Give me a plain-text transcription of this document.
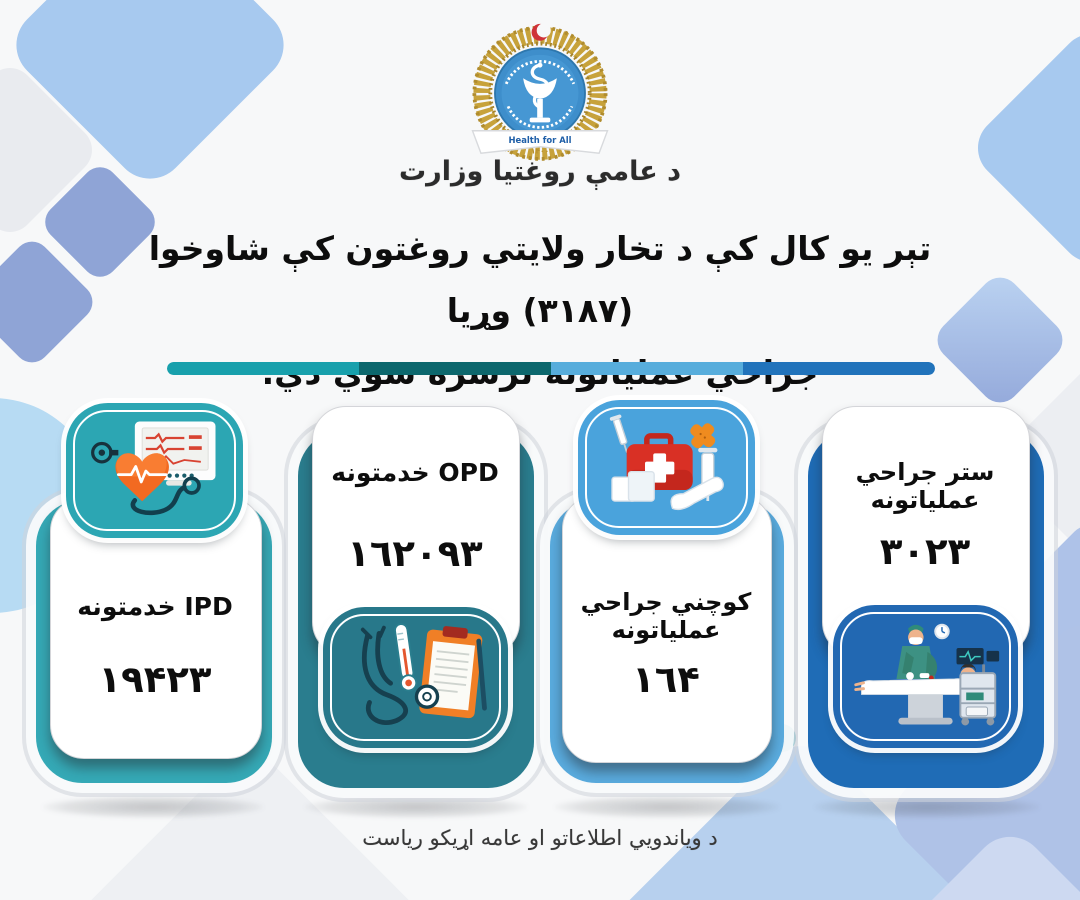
Health for All
۱۴۰۰
د عامې روغتیا وزارت
تېر يو کال کې د تخار ولايتي روغتون کې شاوخوا (۳۱۸۷) وړيا
IPD خدمتونه
۱۹۴۲۳
OPD خدمتونه
۱٦۲۰۹۳
کوچني جراحي عملياتونه
۱٦۴
ستر جراحي عملياتونه
۳۰۲۳
د وياندويي اطلاعاتو او عامه اړيکو رياست
